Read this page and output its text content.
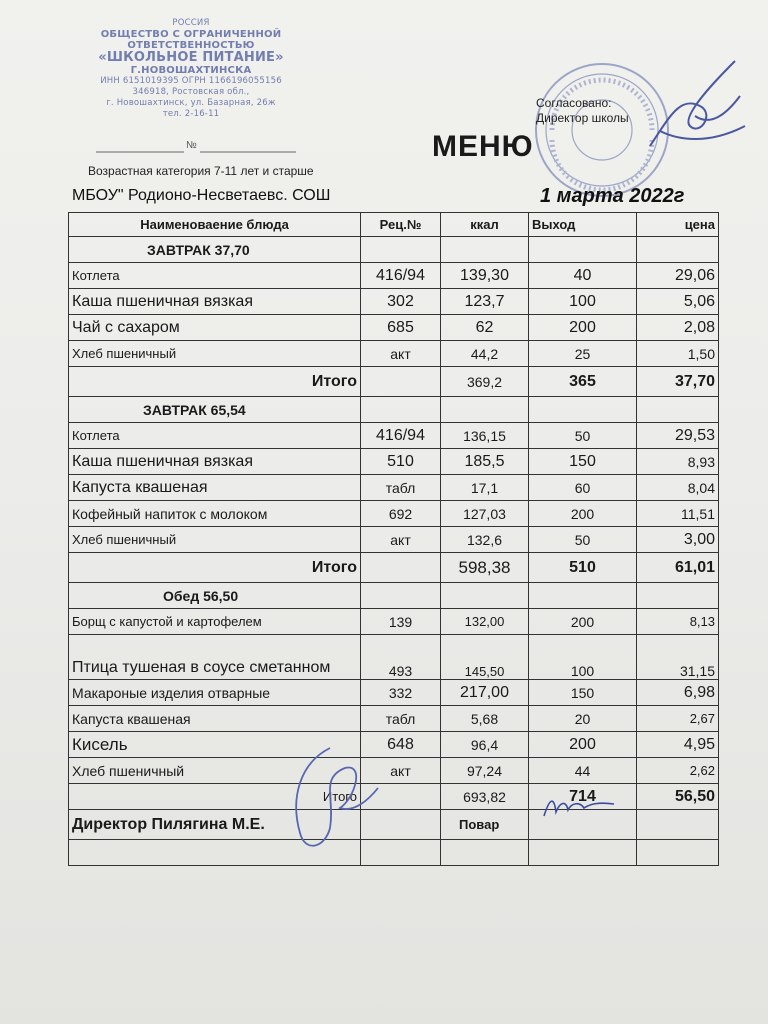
РОССИЯ
ОБЩЕСТВО С ОГРАНИЧЕННОЙ
ОТВЕТСТВЕННОСТЬЮ
«ШКОЛЬНОЕ ПИТАНИЕ»
Г.НОВОШАХТИНСКА
ИНН 6151019395 ОГРН 1166196055156
346918, Ростовская обл.,
г. Новошахтинск, ул. Базарная, 26ж
тел. 2-16-11
№
Возрастная категория 7-11 лет и старше
МБОУ" Родионо-Несветаевс. СОШ
Согласовано:
Директор школы
МЕНЮ
1 марта 2022г
Наименоваение блюда	Рец.№	ккал	Выход	цена
ЗАВТРАК 37,70				
Котлета	416/94	139,30	40	29,06
Каша пшеничная вязкая	302	123,7	100	5,06
Чай с сахаром	685	62	200	2,08
Хлеб пшеничный	акт	44,2	25	1,50
Итого		369,2	365	37,70
ЗАВТРАК 65,54				
Котлета	416/94	136,15	50	29,53
Каша пшеничная вязкая	510	185,5	150	8,93
Капуста квашеная	табл	17,1	60	8,04
Кофейный напиток с молоком	692	127,03	200	11,51
Хлеб пшеничный	акт	132,6	50	3,00
Итого		598,38	510	61,01
Обед 56,50				
Борщ с капустой и картофелем	139	132,00	200	8,13
Птица тушеная в соусе сметанном	493	145,50	100	31,15
Макароные изделия отварные	332	217,00	150	6,98
Капуста квашеная	табл	5,68	20	2,67
Кисель	648	96,4	200	4,95
Хлеб пшеничный	акт	97,24	44	2,62
Итого		693,82	714	56,50
Директор Пилягина М.Е.		Повар		
